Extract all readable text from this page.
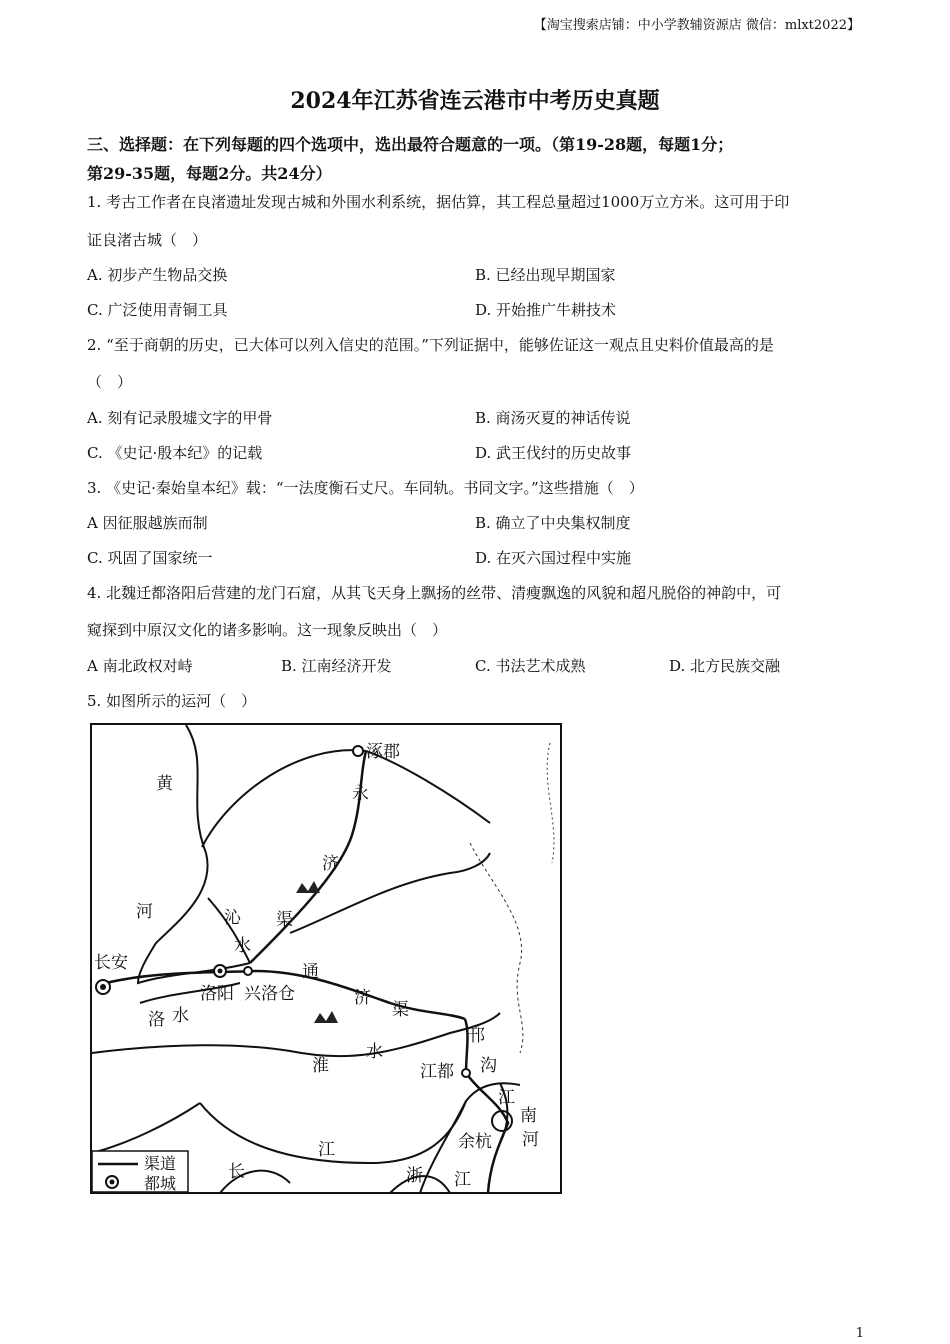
【淘宝搜索店铺：中小学教辅资源店 微信：mlxt2022】
2024年江苏省连云港市中考历史真题
三、选择题：在下列每题的四个选项中，选出最符合题意的一项。（第19-28题，每题1分；
第29-35题，每题2分。共24分）
1. 考古工作者在良渚遗址发现古城和外围水利系统，据估算，其工程总量超过1000万立方米。这可用于印
证良渚古城（　）
A. 初步产生物品交换	B. 已经出现早期国家
C. 广泛使用青铜工具	D. 开始推广牛耕技术
2. “至于商朝的历史，已大体可以列入信史的范围。”下列证据中，能够佐证这一观点且史料价值最高的是
（　）
A. 刻有记录殷墟文字的甲骨	B. 商汤灭夏的神话传说
C. 《史记·殷本纪》的记载	D. 武王伐纣的历史故事
3. 《史记·秦始皇本纪》载：“一法度衡石丈尺。车同轨。书同文字。”这些措施（　）
A 因征服越族而制	B. 确立了中央集权制度
C. 巩固了国家统一	D. 在灭六国过程中实施
4. 北魏迁都洛阳后营建的龙门石窟，从其飞天身上飘扬的丝带、清瘦飘逸的风貌和超凡脱俗的神韵中，可
窥探到中原汉文化的诸多影响。这一现象反映出（　）
A 南北政权对峙	B. 江南经济开发	C. 书法艺术成熟	D. 北方民族交融
5. 如图所示的运河（　）
涿郡
黄	永
济
河	沁 渠
水
长安
洛阳 兴洛仓
通
济
渠
洛 水
邗
沟
淮
水
江都
江
南
河
余杭
江
长	浙 江
渠道
都城
1
